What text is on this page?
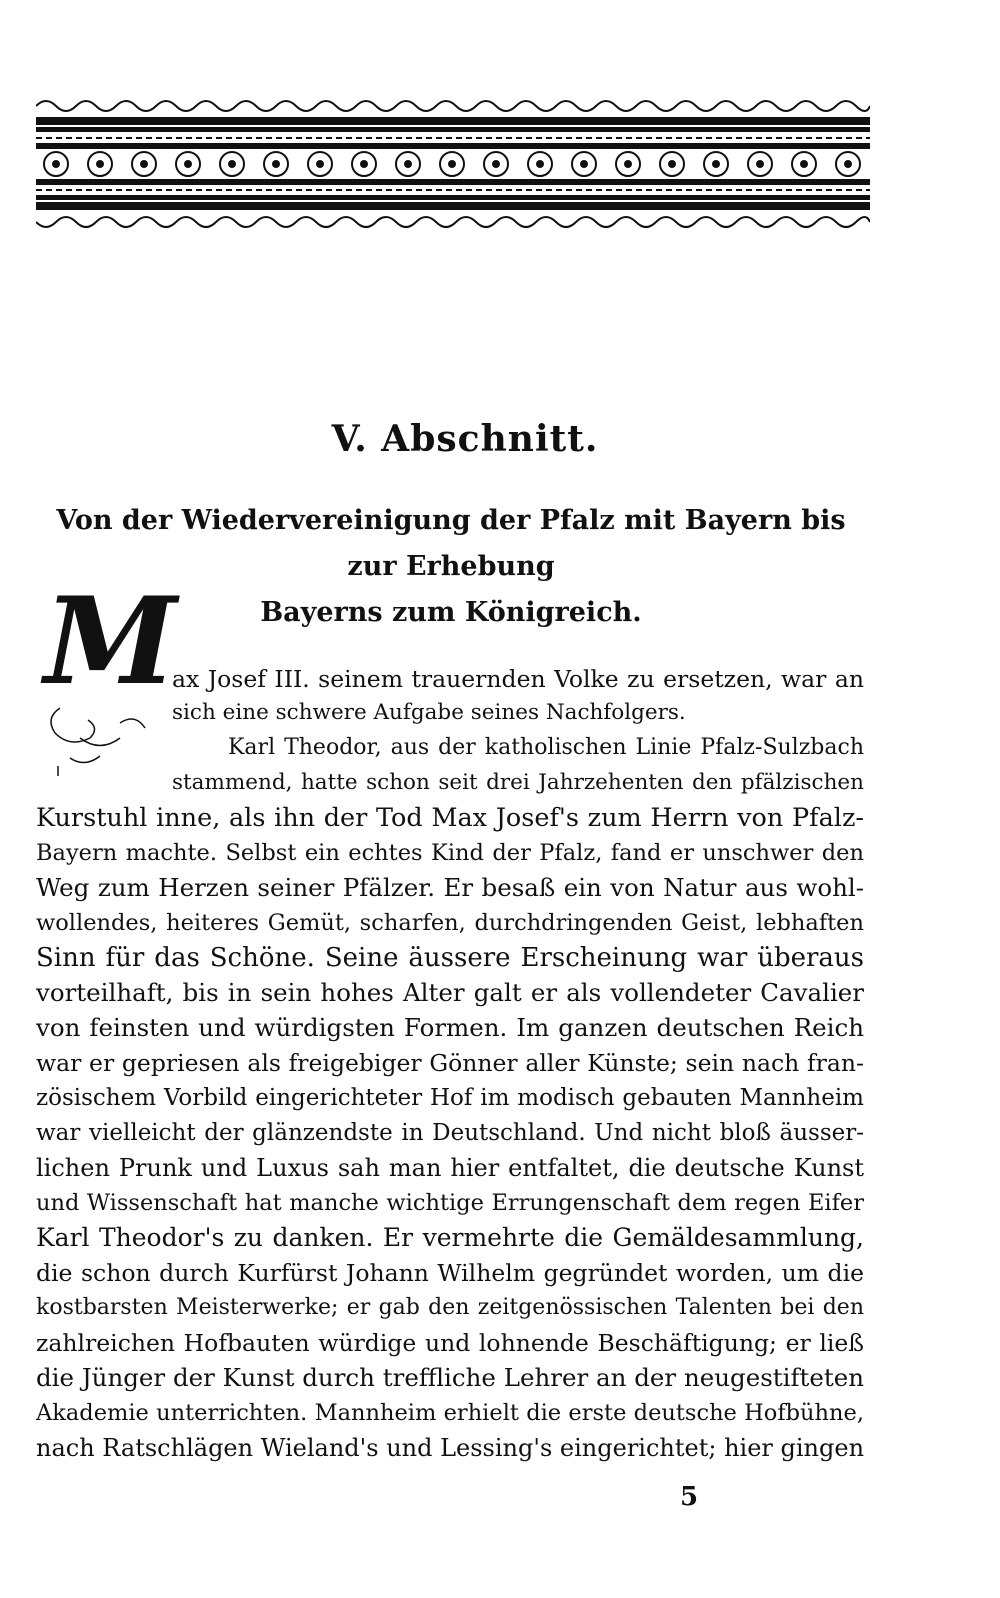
V. Abschnitt.
Von der Wiedervereinigung der Pfalz mit Bayern bis zur Erhebung
Bayerns zum Königreich.
M

ax Josef III. seinem trauernden Volke zu ersetzen, war an

sich eine schwere Aufgabe seines Nachfolgers.

Karl Theodor, aus der katholischen Linie Pfalz-Sulzbach

stammend, hatte schon seit drei Jahrzehenten den pfälzischen

Kurstuhl inne, als ihn der Tod Max Josef's zum Herrn von Pfalz-

Bayern machte. Selbst ein echtes Kind der Pfalz, fand er unschwer den

Weg zum Herzen seiner Pfälzer. Er besaß ein von Natur aus wohl-

wollendes, heiteres Gemüt, scharfen, durchdringenden Geist, lebhaften

Sinn für das Schöne. Seine äussere Erscheinung war überaus

vorteilhaft, bis in sein hohes Alter galt er als vollendeter Cavalier

von feinsten und würdigsten Formen. Im ganzen deutschen Reich

war er gepriesen als freigebiger Gönner aller Künste; sein nach fran-

zösischem Vorbild eingerichteter Hof im modisch gebauten Mannheim

war vielleicht der glänzendste in Deutschland. Und nicht bloß äusser-

lichen Prunk und Luxus sah man hier entfaltet, die deutsche Kunst

und Wissenschaft hat manche wichtige Errungenschaft dem regen Eifer

Karl Theodor's zu danken. Er vermehrte die Gemäldesammlung,

die schon durch Kurfürst Johann Wilhelm gegründet worden, um die

kostbarsten Meisterwerke; er gab den zeitgenössischen Talenten bei den

zahlreichen Hofbauten würdige und lohnende Beschäftigung; er ließ

die Jünger der Kunst durch treffliche Lehrer an der neugestifteten

Akademie unterrichten. Mannheim erhielt die erste deutsche Hofbühne,

nach Ratschlägen Wieland's und Lessing's eingerichtet; hier gingen

5
